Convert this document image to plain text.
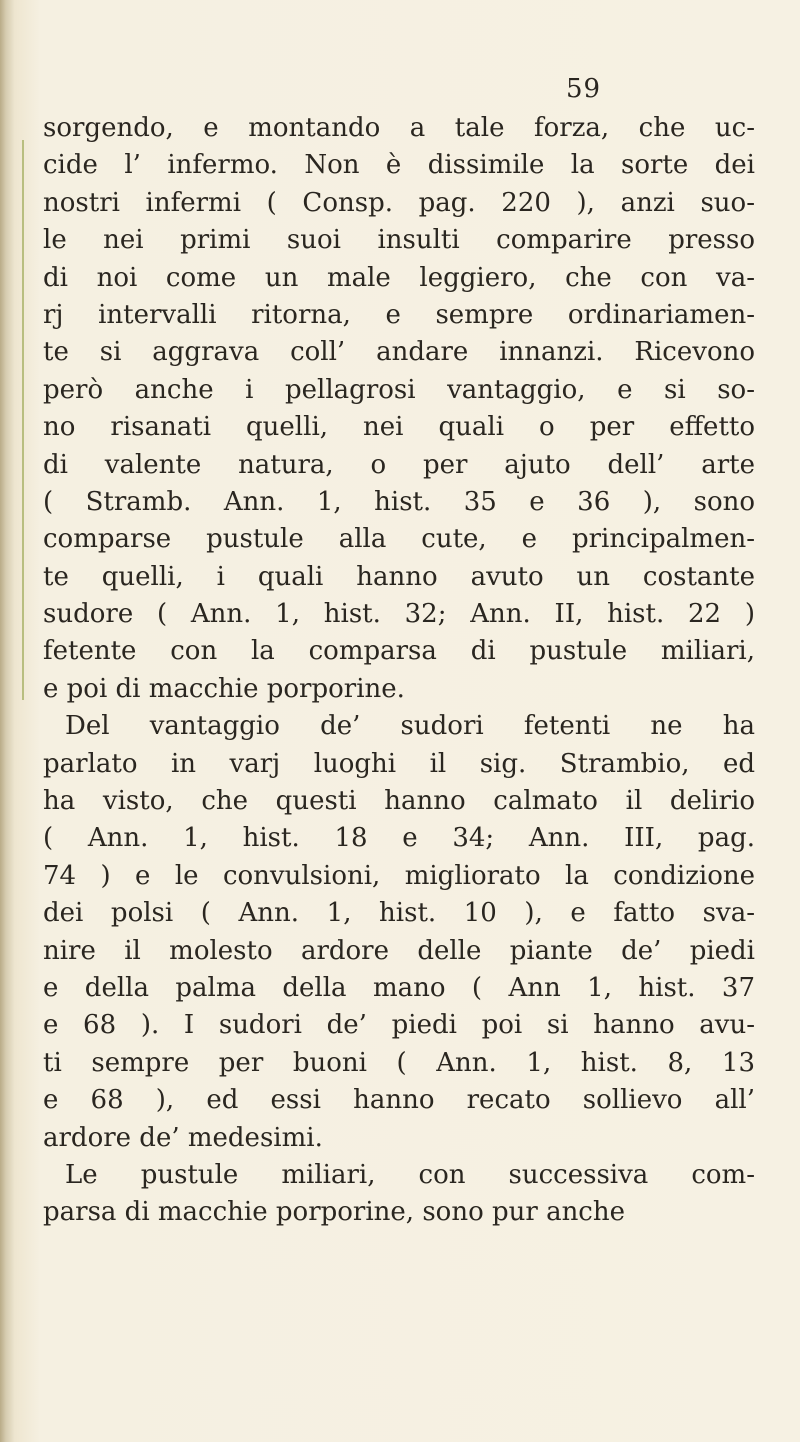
59
sorgendo, e montando a tale forza, che uc-
cide l’ infermo. Non è dissimile la sorte dei
nostri infermi ( Consp. pag. 220 ), anzi suo-
le nei primi suoi insulti comparire presso
di noi come un male leggiero, che con va-
rj intervalli ritorna, e sempre ordinariamen-
te si aggrava coll’ andare innanzi. Ricevono
però anche i pellagrosi vantaggio, e si so-
no risanati quelli, nei quali o per effetto
di valente natura, o per ajuto dell’ arte
( Stramb. Ann. 1, hist. 35 e 36 ), sono
comparse pustule alla cute, e principalmen-
te quelli, i quali hanno avuto un costante
sudore ( Ann. 1, hist. 32; Ann. II, hist. 22 )
fetente con la comparsa di pustule miliari,
e poi di macchie porporine.
Del vantaggio de’ sudori fetenti ne ha
parlato in varj luoghi il sig. Strambio, ed
ha visto, che questi hanno calmato il delirio
( Ann. 1, hist. 18 e 34; Ann. III, pag.
74 ) e le convulsioni, migliorato la condizione
dei polsi ( Ann. 1, hist. 10 ), e fatto sva-
nire il molesto ardore delle piante de’ piedi
e della palma della mano ( Ann 1, hist. 37
e 68 ). I sudori de’ piedi poi si hanno avu-
ti sempre per buoni ( Ann. 1, hist. 8, 13
e 68 ), ed essi hanno recato sollievo all’
ardore de’ medesimi.
Le pustule miliari, con successiva com-
parsa di macchie porporine, sono pur anche
